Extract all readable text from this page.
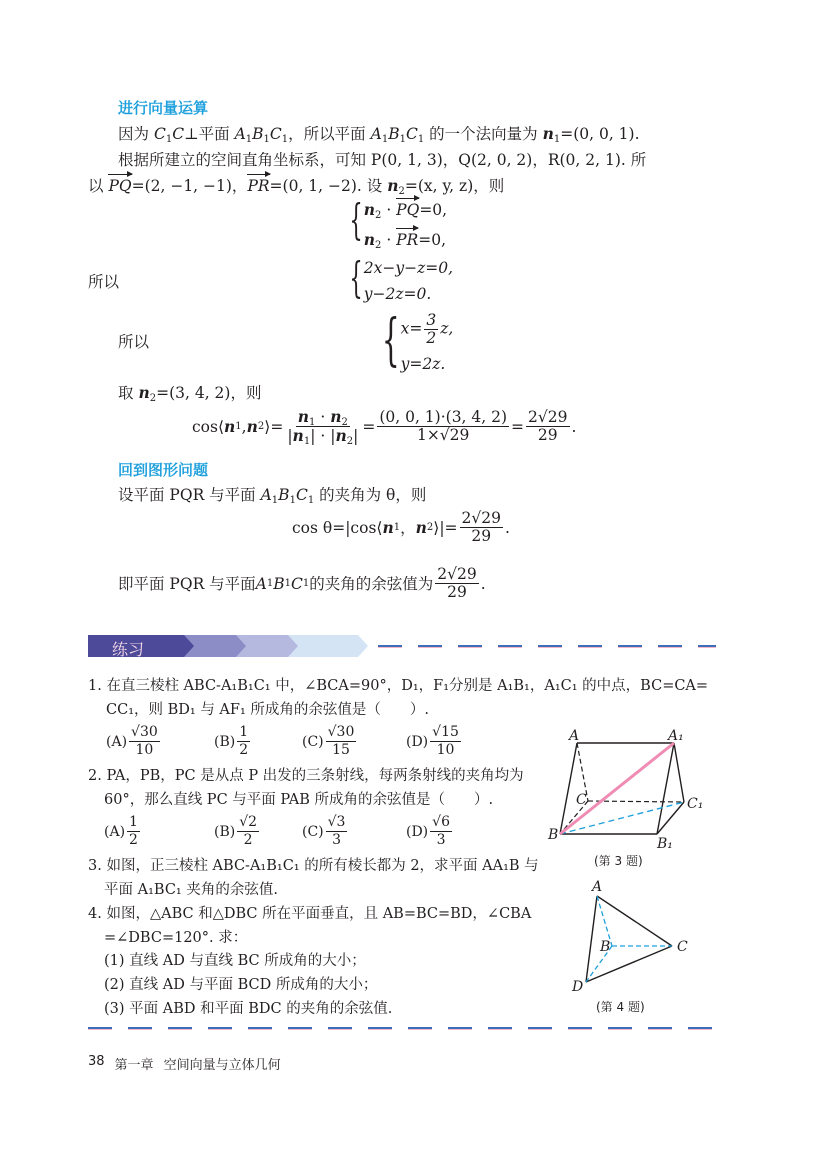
进行向量运算
因为 $C_1C\perp$平面 $A_1B_1C_1$，所以平面 $A_1B_1C_1$ 的一个法向量为 $n_1=(0$, 0, 1).
根据所建立的空间直角坐标系，可知 P(0, 1, 3)，Q(2, 0, 2)，R(0, 2, 1). 所
以 PQ=(2, −1, −1)，PR=(0, 1, −2). 设 $n_2=(x$, y, z)，则
{ $n_2 \cdot PQ=0$,
$n_2 \cdot PR=0$,
所以	{ 2x−y−z=0,
y−2z=0.
所以	{ $x= \frac{3}{2} z$,
y=2z.
取 $n_2=(3$, 4, 2)，则
cos⟨ n 1 , n 2 ⟩= $\frac{n_1 \cdot n_2}{|n_1| \cdot |n_2|} = \frac{(0, 0, 1)\cdot(3, 4, 2)}{1\times√29} = \frac{2√29}{29}$ .
回到图形问题
设平面 PQR 与平面 $A_1B_1C_1$ 的夹角为 θ，则
cos θ=|cos⟨ n 1 ， n 2 ⟩|= $\frac{2√29}{29}$ .
即平面 PQR 与平面 A 1 B 1 C 1 的夹角的余弦值为 $\frac{2√29}{29}$ .
练习
1. 在直三棱柱 ABC-A₁B₁C₁ 中，∠BCA=90°，D₁，F₁分别是 A₁B₁，A₁C₁ 的中点，BC=CA=
CC₁，则 BD₁ 与 AF₁ 所成角的余弦值是（　　）.
$(A) \frac{√30}{10}$	$(B) \frac{1}{2}$	$(C) \frac{√30}{15}$	$(D) \frac{√15}{10}$
2. PA，PB，PC 是从点 P 出发的三条射线，每两条射线的夹角均为
60°，那么直线 PC 与平面 PAB 所成角的余弦值是（　　）.
$(A) \frac{1}{2}$	$(B) \frac{√2}{2}$	$(C) \frac{√3}{3}$	$(D) \frac{√6}{3}$
3. 如图，正三棱柱 ABC-A₁B₁C₁ 的所有棱长都为 2，求平面 AA₁B 与
平面 A₁BC₁ 夹角的余弦值.
4. 如图，△ABC 和△DBC 所在平面垂直，且 AB=BC=BD，∠CBA
=∠DBC=120°. 求：
(1) 直线 AD 与直线 BC 所成角的大小；
(2) 直线 AD 与平面 BCD 所成角的大小；
(3) 平面 ABD 和平面 BDC 的夹角的余弦值.
A	A₁
C	C₁
B
B₁
(第 3 题)
A
B	C
D
(第 4 题)
38 第一章 空间向量与立体几何
